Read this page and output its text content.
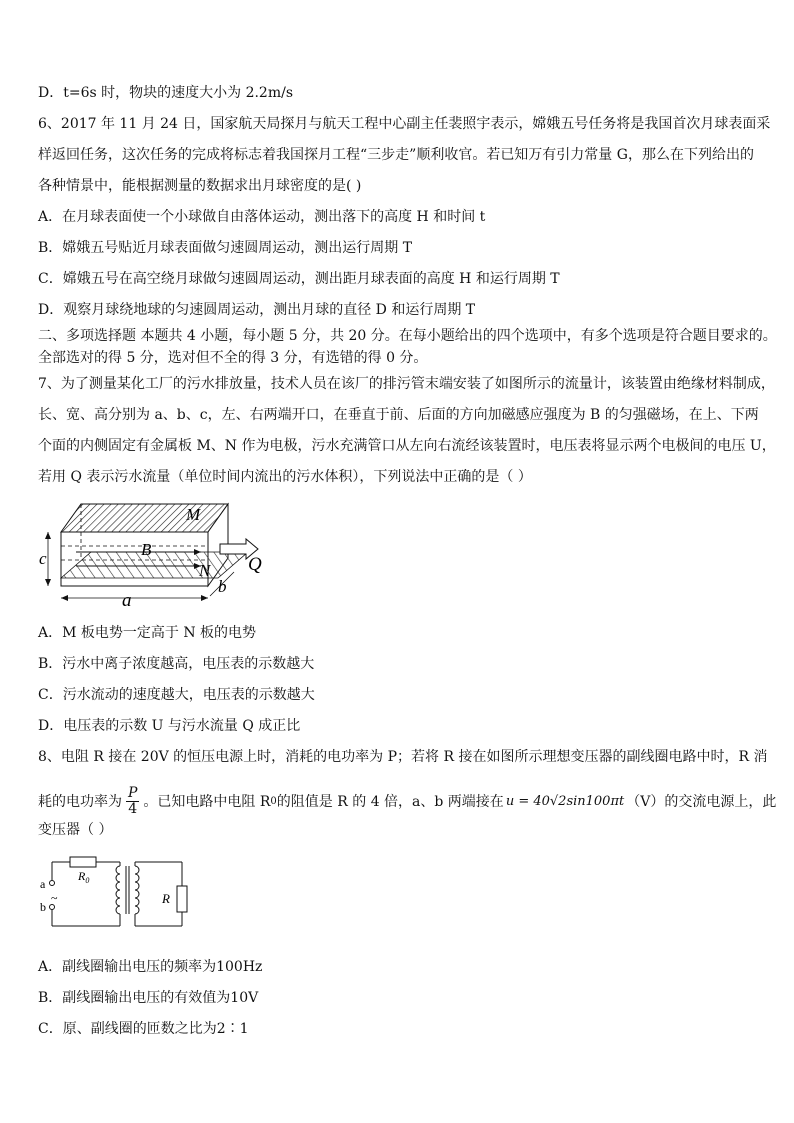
D．t=6s 时，物块的速度大小为 2.2m/s
6、2017 年 11 月 24 日，国家航天局探月与航天工程中心副主任裴照宇表示，嫦娥五号任务将是我国首次月球表面采
样返回任务，这次任务的完成将标志着我国探月工程“三步走”顺利收官。若已知万有引力常量 G，那么在下列给出的
各种情景中，能根据测量的数据求出月球密度的是( )
A．在月球表面使一个小球做自由落体运动，测出落下的高度 H 和时间 t
B．嫦娥五号贴近月球表面做匀速圆周运动，测出运行周期 T
C．嫦娥五号在高空绕月球做匀速圆周运动，测出距月球表面的高度 H 和运行周期 T
D．观察月球绕地球的匀速圆周运动，测出月球的直径 D 和运行周期 T
二、多项选择题 本题共 4 小题，每小题 5 分，共 20 分。在每小题给出的四个选项中，有多个选项是符合题目要求的。
全部选对的得 5 分，选对但不全的得 3 分，有选错的得 0 分。
7、为了测量某化工厂的污水排放量，技术人员在该厂的排污管末端安装了如图所示的流量计，该装置由绝缘材料制成，
长、宽、高分别为 a、b、c，左、右两端开口，在垂直于前、后面的方向加磁感应强度为 B 的匀强磁场，在上、下两
个面的内侧固定有金属板 M、N 作为电极，污水充满管口从左向右流经该装置时，电压表将显示两个电极间的电压 U，
若用 Q 表示污水流量（单位时间内流出的污水体积），下列说法中正确的是（ ）
M
N
B
Q
c
a
b
A．M 板电势一定高于 N 板的电势
B．污水中离子浓度越高，电压表的示数越大
C．污水流动的速度越大，电压表的示数越大
D．电压表的示数 U 与污水流量 Q 成正比
8、电阻 R 接在 20V 的恒压电源上时，消耗的电功率为 P；若将 R 接在如图所示理想变压器的副线圈电路中时，R 消
耗的电功率为 $\frac{P}{4}$ 。已知电路中电阻 R 0 的阻值是 R 的 4 倍，a、b 两端接在 u = 40√2sin100πt （V）的交流电源上，此
变压器（ ）
a
b
~
$R_0$
R
A．副线圈输出电压的频率为100Hz
B．副线圈输出电压的有效值为10V
C．原、副线圈的匝数之比为2∶1
